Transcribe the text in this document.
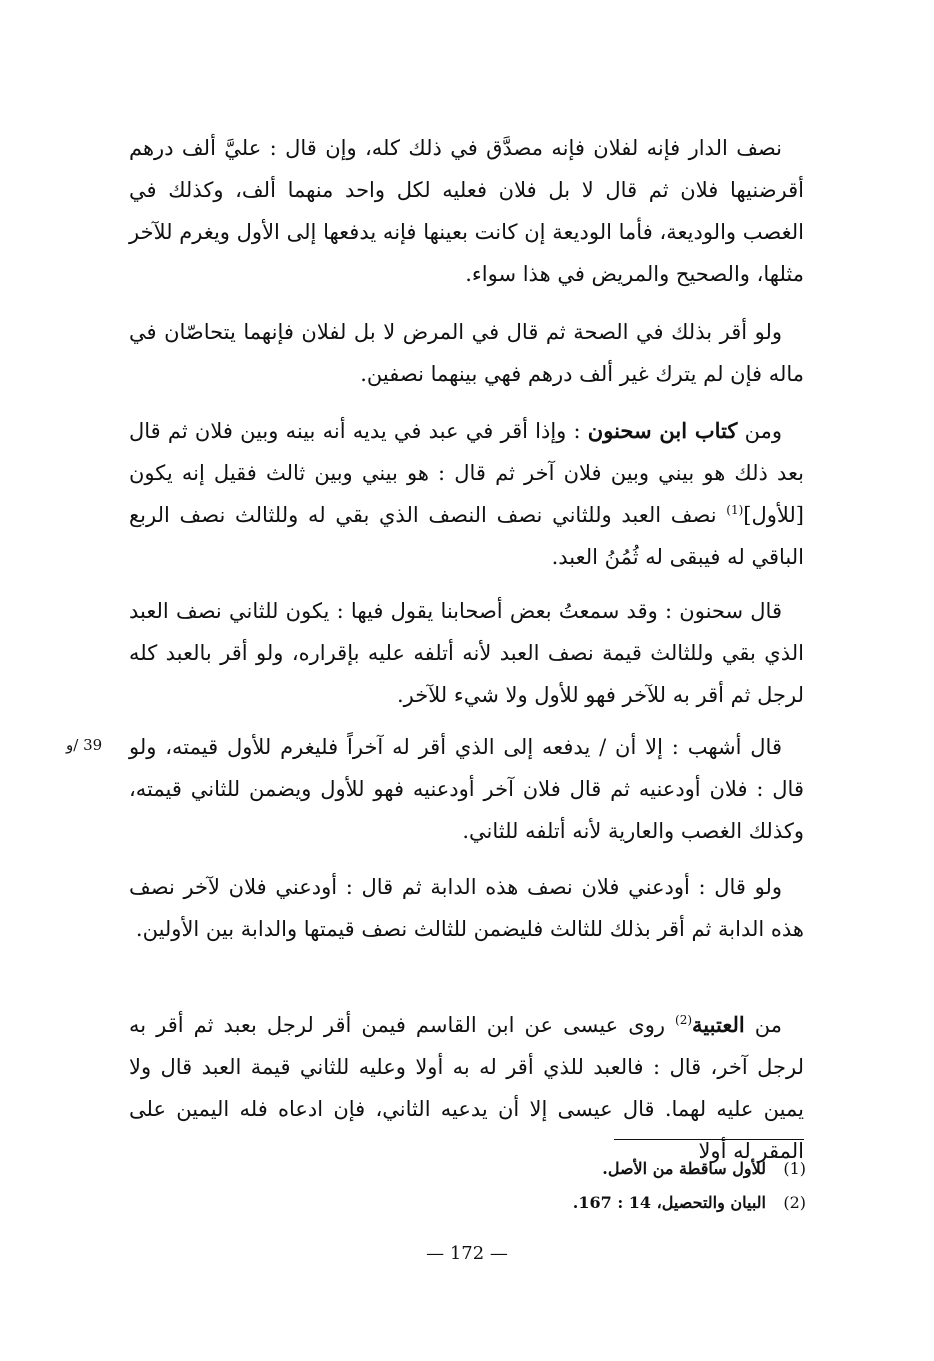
نصف الدار فإنه لفلان فإنه مصدَّق في ذلك كله، وإن قال : عليَّ ألف درهم أقرضنيها فلان ثم قال لا بل فلان فعليه لكل واحد منهما ألف، وكذلك في الغصب والوديعة، فأما الوديعة إن كانت بعينها فإنه يدفعها إلى الأول ويغرم للآخر مثلها، والصحيح والمريض في هذا سواء.

ولو أقر بذلك في الصحة ثم قال في المرض لا بل لفلان فإنهما يتحاصّان في ماله فإن لم يترك غير ألف درهم فهي بينهما نصفين.

ومن كتاب ابن سحنون : وإذا أقر في عبد في يديه أنه بينه وبين فلان ثم قال بعد ذلك هو بيني وبين فلان آخر ثم قال : هو بيني وبين ثالث فقيل إنه يكون [للأول]$^{(1)}$ نصف العبد وللثاني نصف النصف الذي بقي له وللثالث نصف الربع الباقي له فيبقى له ثُمُنُ العبد.

قال سحنون : وقد سمعتُ بعض أصحابنا يقول فيها : يكون للثاني نصف العبد الذي بقي وللثالث قيمة نصف العبد لأنه أتلفه عليه بإقراره، ولو أقر بالعبد كله لرجل ثم أقر به للآخر فهو للأول ولا شيء للآخر.

قال أشهب : إلا أن / يدفعه إلى الذي أقر له آخراً فليغرم للأول قيمته، ولو قال : فلان أودعنيه ثم قال فلان آخر أودعنيه فهو للأول ويضمن للثاني قيمته، وكذلك الغصب والعارية لأنه أتلفه للثاني.

ولو قال : أودعني فلان نصف هذه الدابة ثم قال : أودعني فلان لآخر نصف هذه الدابة ثم أقر بذلك للثالث فليضمن للثالث نصف قيمتها والدابة بين الأولين.

من العتبية$^{(2)}$ روى عيسى عن ابن القاسم فيمن أقر لرجل بعبد ثم أقر به لرجل آخر، قال : فالعبد للذي أقر له به أولا وعليه للثاني قيمة العبد قال ولا يمين عليه لهما. قال عيسى إلا أن يدعيه الثاني، فإن ادعاه فله اليمين على المقر له أولا

39 /و
(1)للأول ساقطة من الأصل.
(2)البيان والتحصيل، 14 : 167.
— 172 —
